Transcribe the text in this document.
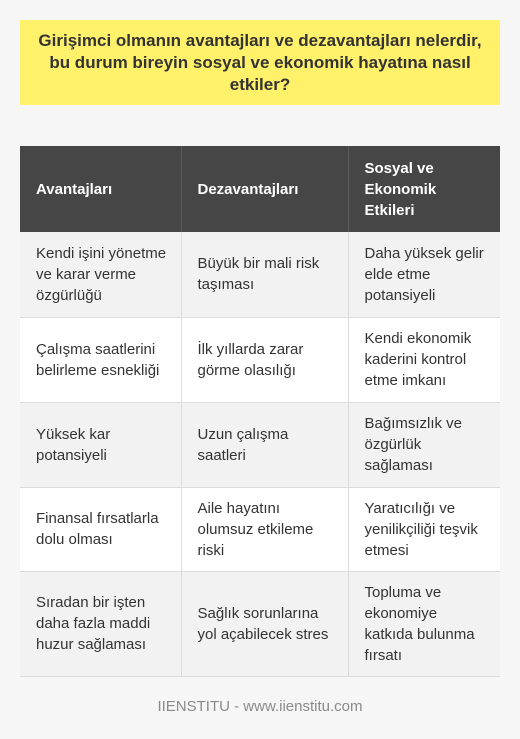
Girişimci olmanın avantajları ve dezavantajları nelerdir, bu durum bireyin sosyal ve ekonomik hayatına nasıl etkiler?
Avantajları	Dezavantajları	Sosyal ve Ekonomik Etkileri
Kendi işini yönetme ve karar verme özgürlüğü	Büyük bir mali risk taşıması	Daha yüksek gelir elde etme potansiyeli
Çalışma saatlerini belirleme esnekliği	İlk yıllarda zarar görme olasılığı	Kendi ekonomik kaderini kontrol etme imkanı
Yüksek kar potansiyeli	Uzun çalışma saatleri	Bağımsızlık ve özgürlük sağlaması
Finansal fırsatlarla dolu olması	Aile hayatını olumsuz etkileme riski	Yaratıcılığı ve yenilikçiliği teşvik etmesi
Sıradan bir işten daha fazla maddi huzur sağlaması	Sağlık sorunlarına yol açabilecek stres	Topluma ve ekonomiye katkıda bulunma fırsatı
IIENSTITU - www.iienstitu.com
